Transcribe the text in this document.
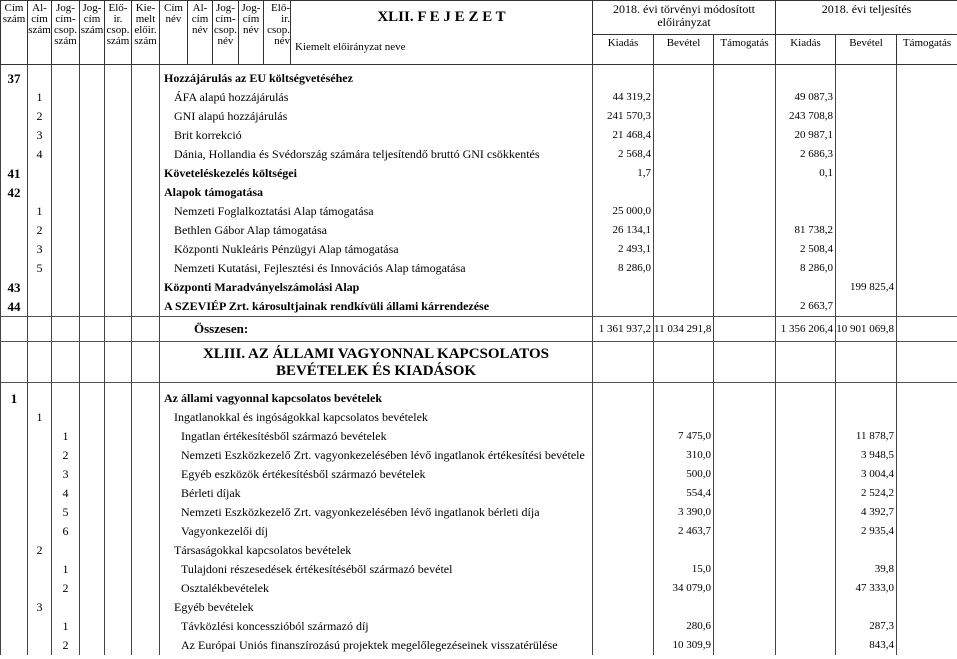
Cím szám	Al- cím szám	Jog- cím- csop. szám	Jog- cím szám	Elő- ir. csop. szám	Kie- melt előir. szám	Cím név	Al- cím név	Jog- cím- csop. név	Jog- cím név	Elő- ir. csop. név	XLII. F E J E Z E T	2018. évi törvényi módosított előirányzat			2018. évi teljesítés		
											Kiemelt előirányzat neve	Kiadás	Bevétel	Támogatás	Kiadás	Bevétel	Támogatás

37						Hozzájárulás az EU költségvetéséhez											
	1					ÁFA alapú hozzájárulás						44 319,2			49 087,3		
	2					GNI alapú hozzájárulás						241 570,3			243 708,8		
	3					Brit korrekció						21 468,4			20 987,1		
	4					Dánia, Hollandia és Svédország számára teljesítendő bruttó GNI csökkentés						2 568,4			2 686,3		
41						Követeléskezelés költségei						1,7			0,1		
42						Alapok támogatása											
	1					Nemzeti Foglalkoztatási Alap támogatása						25 000,0					
	2					Bethlen Gábor Alap támogatása						26 134,1			81 738,2		
	3					Központi Nukleáris Pénzügyi Alap támogatása						2 493,1			2 508,4		
	5					Nemzeti Kutatási, Fejlesztési és Innovációs Alap támogatása						8 286,0			8 286,0		
43						Központi Maradványelszámolási Alap										199 825,4	
44						A SZEVIÉP Zrt. károsultjainak rendkívüli állami kárrendezése									2 663,7		
						Összesen:						1 361 937,2	11 034 291,8		1 356 206,4	10 901 069,8	
						XLIII. AZ ÁLLAMI VAGYONNAL KAPCSOLATOS BEVÉTELEK ÉS KIADÁSOK											

1						Az állami vagyonnal kapcsolatos bevételek											
	1					Ingatlanokkal és ingóságokkal kapcsolatos bevételek											
		1				Ingatlan értékesítésből származó bevételek							7 475,0			11 878,7	
		2				Nemzeti Eszközkezelő Zrt. vagyonkezelésében lévő ingatlanok értékesítési bevétele							310,0			3 948,5	
		3				Egyéb eszközök értékesítésből származó bevételek							500,0			3 004,4	
		4				Bérleti díjak							554,4			2 524,2	
		5				Nemzeti Eszközkezelő Zrt. vagyonkezelésében lévő ingatlanok bérleti díja							3 390,0			4 392,7	
		6				Vagyonkezelői díj							2 463,7			2 935,4	
	2					Társaságokkal kapcsolatos bevételek											
		1				Tulajdoni részesedések értékesítéséből származó bevétel							15,0			39,8	
		2				Osztalékbevételek							34 079,0			47 333,0	
	3					Egyéb bevételek											
		1				Távközlési koncesszióból származó díj							280,6			287,3	
		2				Az Európai Uniós finanszírozású projektek megelőlegezéseinek visszatérülése							10 309,9			843,4	
